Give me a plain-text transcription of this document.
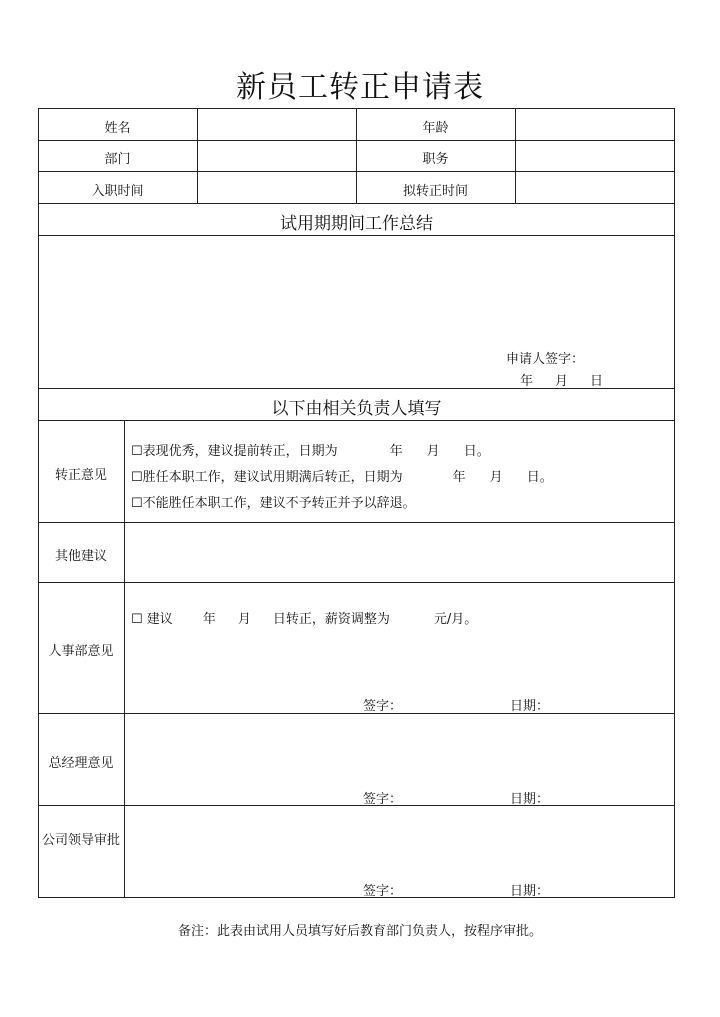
新员工转正申请表
姓名	年龄
部门	职务
入职时间	拟转正时间
试用期期间工作总结
申请人签字：
年 月 日
以下由相关负责人填写
转正意见
☐表现优秀，建议提前转正，日期为	年 月 日。
☐胜任本职工作，建议试用期满后转正，日期为	年 月 日。
☐不能胜任本职工作，建议不予转正并予以辞退。
其他建议
人事部意见
☐ 建议 年 月 日转正，薪资调整为	元/月。
签字：	日期：
总经理意见
签字：	日期：
公司领导审批
签字：	日期：
备注：此表由试用人员填写好后教育部门负责人，按程序审批。
